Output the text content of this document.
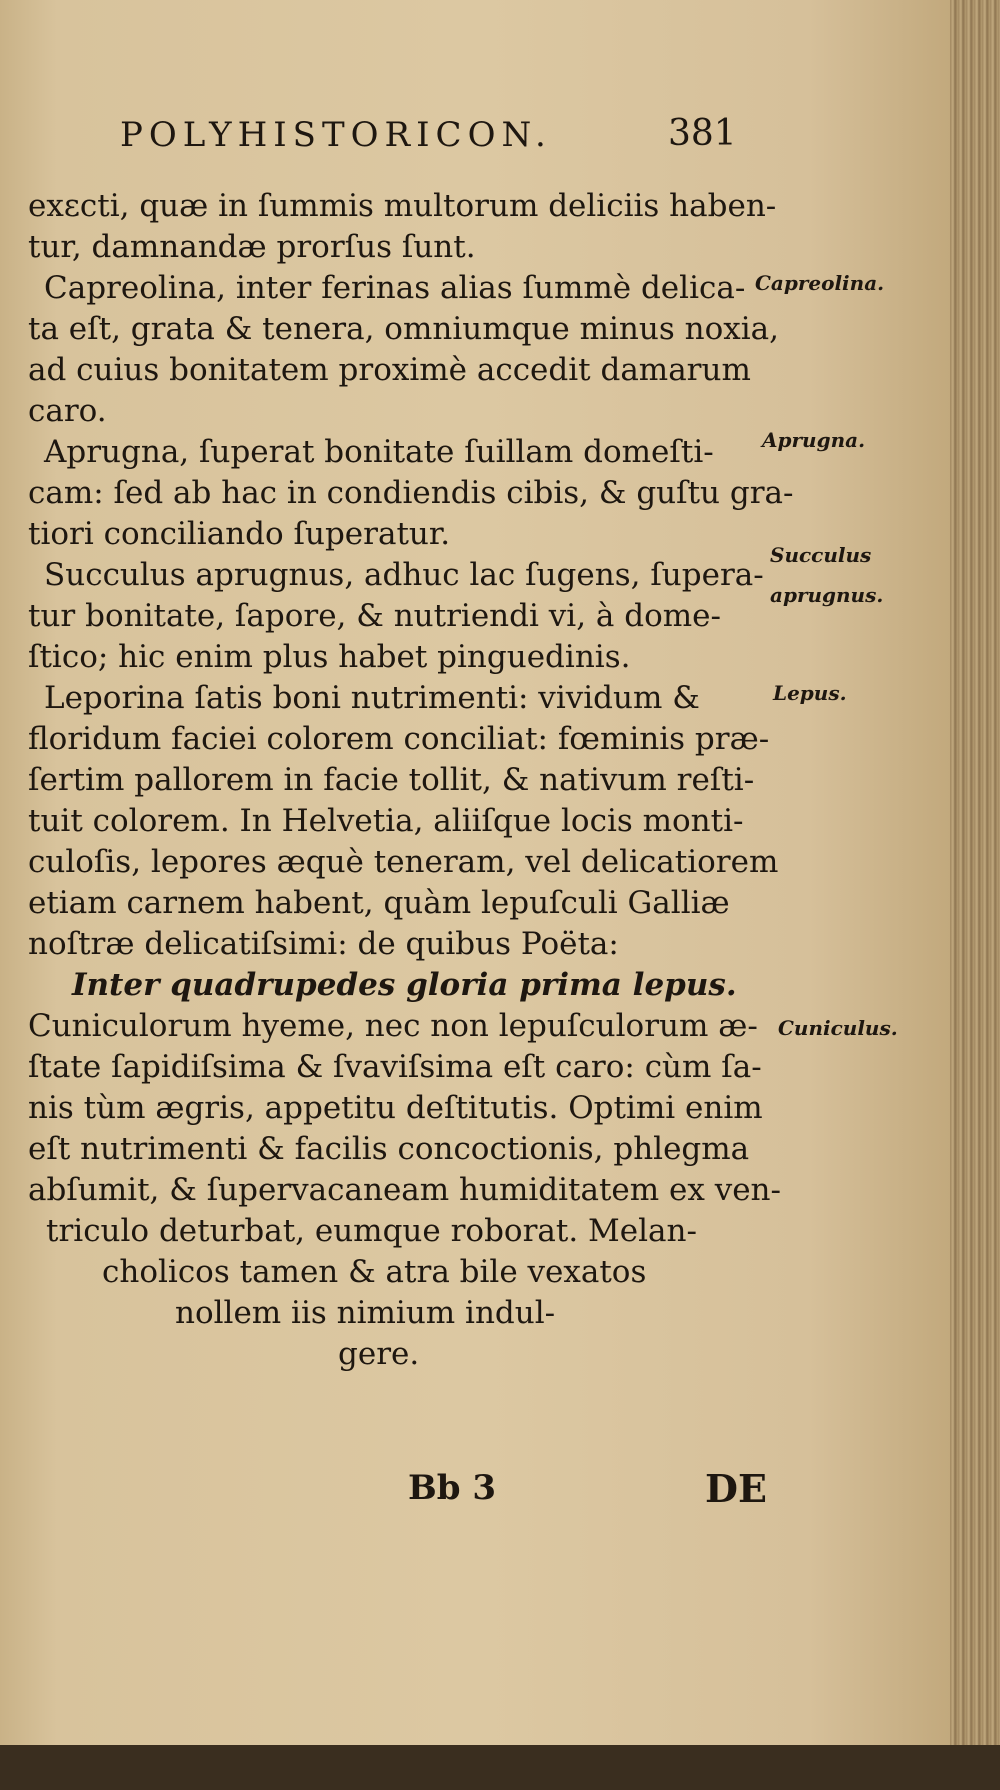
POLYHISTORICON.	381
exεcti, quæ in ſummis multorum deliciis haben-
tur, damnandæ prorſus ſunt.
Capreolina, inter ferinas alias ſummè delica-
ta eſt, grata & tenera, omniumque minus noxia,
ad cuius bonitatem proximè accedit damarum
caro.
Aprugna, ſuperat bonitate ſuillam domeſti-
cam: ſed ab hac in condiendis cibis, & guſtu gra-
tiori conciliando ſuperatur.
Succulus aprugnus, adhuc lac ſugens, ſupera-
tur bonitate, ſapore, & nutriendi vi, à dome-
ſtico; hic enim plus habet pinguedinis.
Leporina ſatis boni nutrimenti: vividum &
floridum faciei colorem conciliat: fœminis præ-
ſertim pallorem in facie tollit, & nativum reſti-
tuit colorem. In Helvetia, aliiſque locis monti-
culoſis, lepores æquè teneram, vel delicatiorem
etiam carnem habent, quàm lepuſculi Galliæ
noſtræ delicatiſsimi: de quibus Poëta:
Inter quadrupedes gloria prima lepus.
Cuniculorum hyeme, nec non lepuſculorum æ-
ſtate ſapidiſsima & ſvaviſsima eſt caro: cùm ſa-
nis tùm ægris, appetitu deſtitutis. Optimi enim
eſt nutrimenti & facilis concoctionis, phlegma
abſumit, & ſupervacaneam humiditatem ex ven-
triculo deturbat, eumque roborat. Melan-
cholicos tamen & atra bile vexatos
nollem iis nimium indul-
gere.
Capreolina.
Aprugna.
Succulus
aprugnus.
Lepus.
Cuniculus.
Bb 3	DE
